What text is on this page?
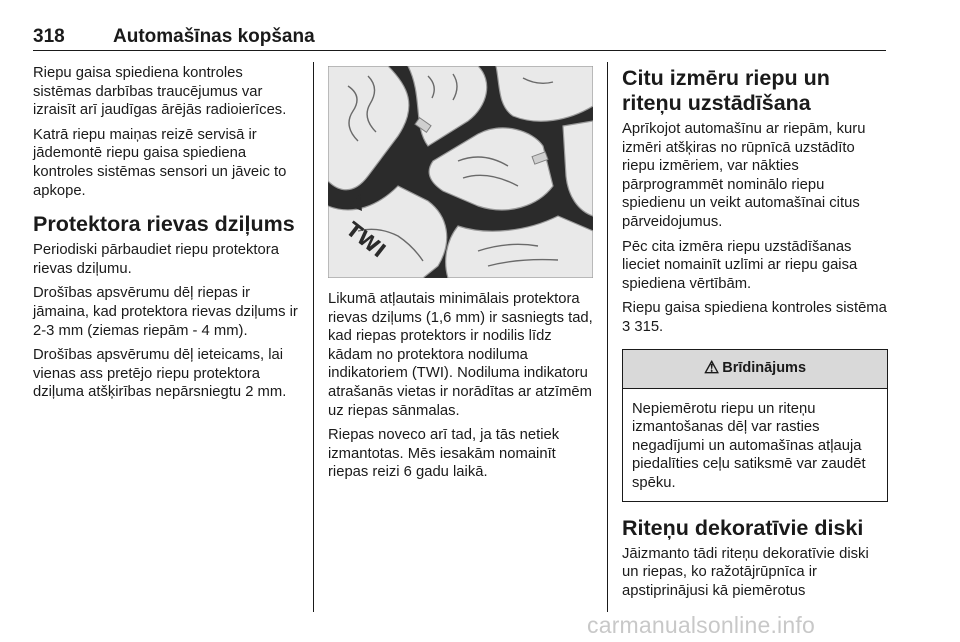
318	Automašīnas kopšana

Riepu gaisa spiediena kontroles sistēmas darbības traucējumus var izraisīt arī jaudīgas ārējās radioierīces.

Katrā riepu maiņas reizē servisā ir jādemontē riepu gaisa spiediena kontroles sistēmas sensori un jāveic to apkope.

Protektora rievas dziļums

Periodiski pārbaudiet riepu protektora rievas dziļumu.

Drošības apsvērumu dēļ riepas ir jāmaina, kad protektora rievas dziļums ir 2-3 mm (ziemas riepām - 4 mm).

Drošības apsvērumu dēļ ieteicams, lai vienas ass pretējo riepu protektora dziļuma atšķirības nepārsniegtu 2 mm.

TWI

Likumā atļautais minimālais protektora rievas dziļums (1,6 mm) ir sasniegts tad, kad riepas protektors ir nodilis līdz kādam no protektora nodiluma indikatoriem (TWI). Nodiluma indikatoru atrašanās vietas ir norādītas ar atzīmēm uz riepas sānmalas.

Riepas noveco arī tad, ja tās netiek izmantotas. Mēs iesakām nomainīt riepas reizi 6 gadu laikā.

Citu izmēru riepu un riteņu uzstādīšana

Aprīkojot automašīnu ar riepām, kuru izmēri atšķiras no rūpnīcā uzstādīto riepu izmēriem, var nākties pārprogrammēt nominālo riepu spiedienu un veikt automašīnai citus pārveidojumus.

Pēc cita izmēra riepu uzstādīšanas lieciet nomainīt uzlīmi ar riepu gaisa spiediena vērtībām.

Riepu gaisa spiediena kontroles sistēma 3 315.

⚠ Brīdinājums
Nepiemērotu riepu un riteņu izmantošanas dēļ var rasties negadījumi un automašīnas atļauja piedalīties ceļu satiksmē var zaudēt spēku.
Riteņu dekoratīvie diski

Jāizmanto tādi riteņu dekoratīvie diski un riepas, ko ražotājrūpnīca ir apstiprinājusi kā piemērotus

carmanualsonline.info
